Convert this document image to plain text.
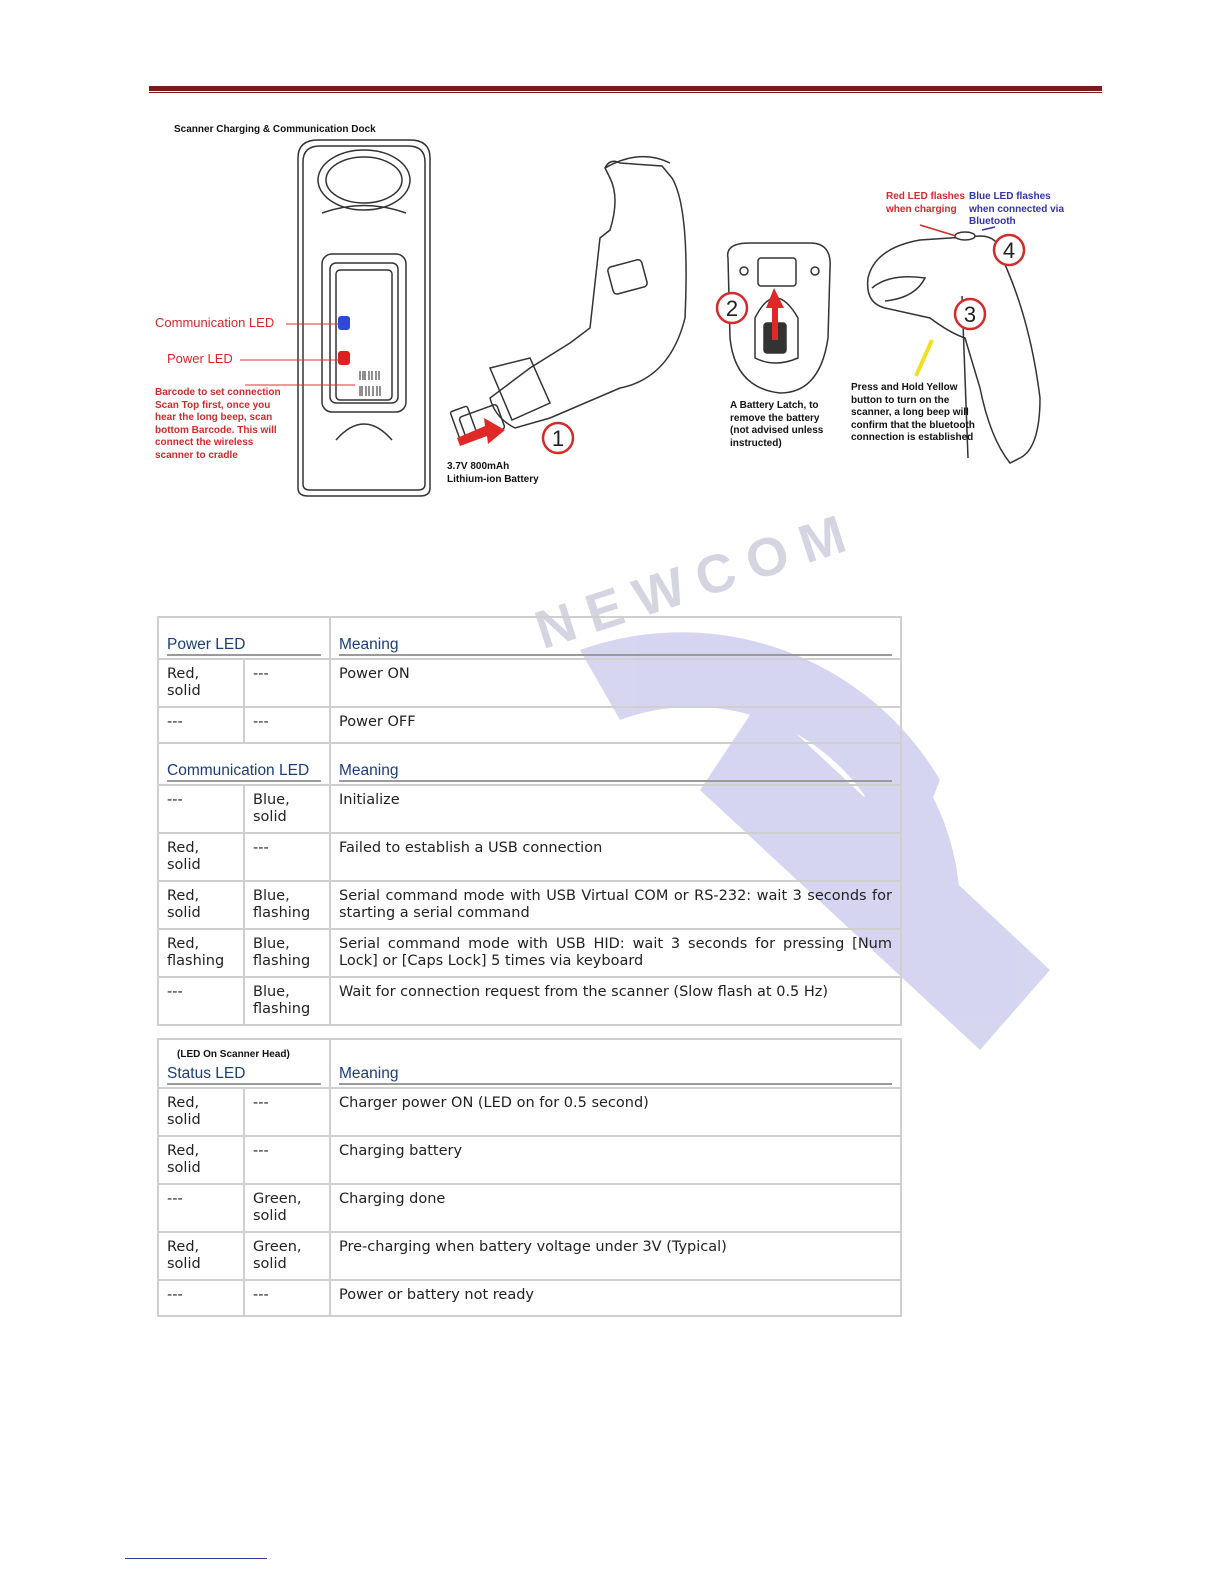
NEWCOM
1
2	3
4
Scanner Charging & Communication Dock
Communication LED
Power LED
Barcode to set connection
Scan Top first, once you
hear the long beep, scan
bottom Barcode. This will
connect the wireless
scanner to cradle
3.7V 800mAh
Lithium-ion Battery
A Battery Latch, to
remove the battery
(not advised unless
instructed)
Red LED flashes
when charging
Blue LED flashes
when connected via
Bluetooth
Press and Hold Yellow
button to turn on the
scanner, a long beep will
confirm that the bluetooth
connection is established
Power LED		Meaning

Red, solid	---	Power ON
---	---	Power OFF

Communication LED		Meaning

---	Blue, solid	Initialize
Red, solid	---	Failed to establish a USB connection
Red, solid	Blue, flashing	Serial command mode with USB Virtual COM or RS-232: wait 3 seconds for starting a serial command
Red, flashing	Blue, flashing	Serial command mode with USB HID: wait 3 seconds for pressing [Num Lock] or [Caps Lock] 5 times via keyboard
---	Blue, flashing	Wait for connection request from the scanner (Slow flash at 0.5 Hz)
(LED On Scanner Head)
Status LED		Meaning

Red, solid	---	Charger power ON (LED on for 0.5 second)
Red, solid	---	Charging battery
---	Green, solid	Charging done
Red, solid	Green, solid	Pre-charging when battery voltage under 3V (Typical)
---	---	Power or battery not ready
